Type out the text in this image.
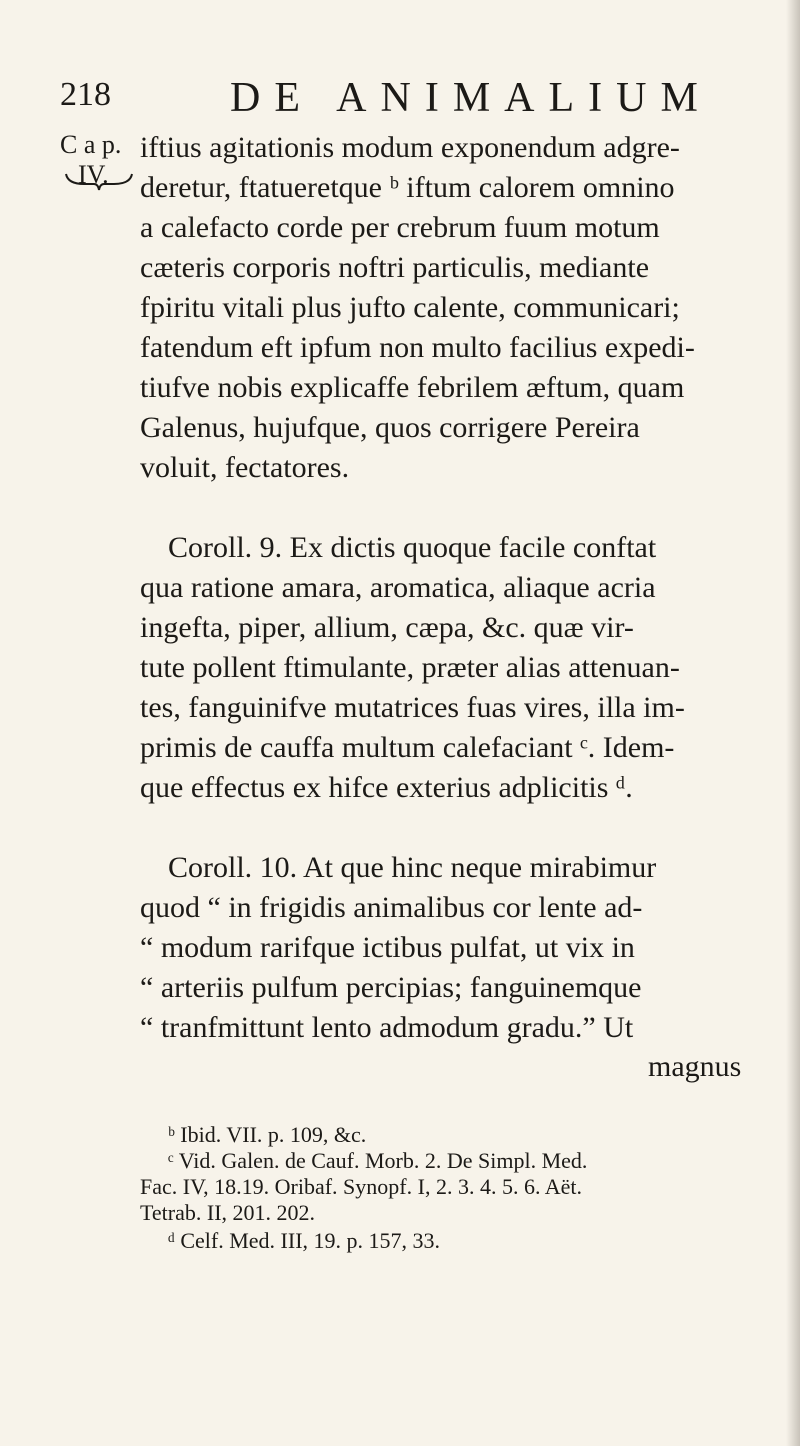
218	DE ANIMALIUM
C a p.
IV.
iftius agitationis modum exponendum adgre-
deretur, ftatueretque ᵇ iftum calorem omnino
a calefacto corde per crebrum fuum motum
cæteris corporis noftri particulis, mediante
fpiritu vitali plus jufto calente, communicari;
fatendum eft ipfum non multo facilius expedi-
tiufve nobis explicaffe febrilem æftum, quam
Galenus, hujufque, quos corrigere Pereira
voluit, fectatores.
Coroll. 9. Ex dictis quoque facile conftat
qua ratione amara, aromatica, aliaque acria
ingefta, piper, allium, cæpa, &c. quæ vir-
tute pollent ftimulante, præter alias attenuan-
tes, fanguinifve mutatrices fuas vires, illa im-
primis de cauffa multum calefaciant ᶜ. Idem-
que effectus ex hifce exterius adplicitis ᵈ.
Coroll. 10. At que hinc neque mirabimur
quod “ in frigidis animalibus cor lente ad-
“ modum rarifque ictibus pulfat, ut vix in
“ arteriis pulfum percipias; fanguinemque
“ tranfmittunt lento admodum gradu.” Ut
magnus
ᵇ Ibid. VII. p. 109, &c.
ᶜ Vid. Galen. de Cauf. Morb. 2. De Simpl. Med.
Fac. IV, 18.19. Oribaf. Synopf. I, 2. 3. 4. 5. 6. Aët.
Tetrab. II, 201. 202.
ᵈ Celf. Med. III, 19. p. 157, 33.
